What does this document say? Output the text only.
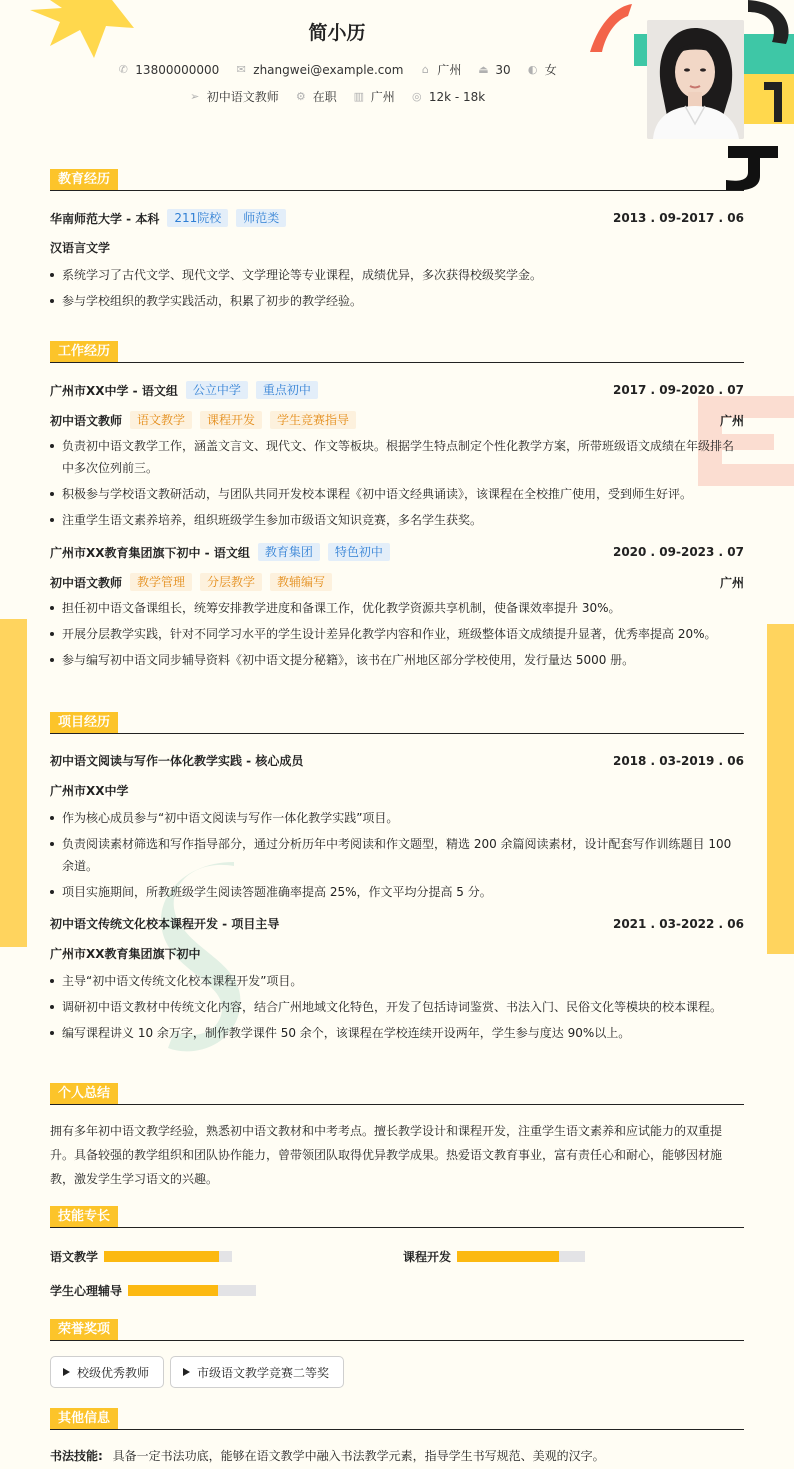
简小历
✆ 13800000000 ✉ zhangwei@example.com ⌂ 广州 ⏏ 30 ◐ 女
➢ 初中语文教师 ⚙ 在职 ▥ 广州 ◎ 12k - 18k
教育经历
华南师范大学 - 本科	211院校	师范类	2013 . 09-2017 . 06
汉语言文学
系统学习了古代文学、现代文学、文学理论等专业课程，成绩优异，多次获得校级奖学金。
参与学校组织的教学实践活动，积累了初步的教学经验。
工作经历
广州市XX中学 - 语文组	公立中学	重点初中	2017 . 09-2020 . 07
初中语文教师	语文教学	课程开发	学生竞赛指导	广州
负责初中语文教学工作，涵盖文言文、现代文、作文等板块。根据学生特点制定个性化教学方案，所带班级语文成绩在年级排名中多次位列前三。
积极参与学校语文教研活动，与团队共同开发校本课程《初中语文经典诵读》，该课程在全校推广使用，受到师生好评。
注重学生语文素养培养，组织班级学生参加市级语文知识竞赛，多名学生获奖。
广州市XX教育集团旗下初中 - 语文组	教育集团	特色初中	2020 . 09-2023 . 07
初中语文教师	教学管理	分层教学	教辅编写	广州
担任初中语文备课组长，统筹安排教学进度和备课工作，优化教学资源共享机制，使备课效率提升 30%。
开展分层教学实践，针对不同学习水平的学生设计差异化教学内容和作业，班级整体语文成绩提升显著，优秀率提高 20%。
参与编写初中语文同步辅导资料《初中语文提分秘籍》，该书在广州地区部分学校使用，发行量达 5000 册。
项目经历
初中语文阅读与写作一体化教学实践 - 核心成员	2018 . 03-2019 . 06
广州市XX中学
作为核心成员参与“初中语文阅读与写作一体化教学实践”项目。
负责阅读素材筛选和写作指导部分，通过分析历年中考阅读和作文题型，精选 200 余篇阅读素材，设计配套写作训练题目 100 余道。
项目实施期间，所教班级学生阅读答题准确率提高 25%，作文平均分提高 5 分。
初中语文传统文化校本课程开发 - 项目主导	2021 . 03-2022 . 06
广州市XX教育集团旗下初中
主导“初中语文传统文化校本课程开发”项目。
调研初中语文教材中传统文化内容，结合广州地域文化特色，开发了包括诗词鉴赏、书法入门、民俗文化等模块的校本课程。
编写课程讲义 10 余万字，制作教学课件 50 余个，该课程在学校连续开设两年，学生参与度达 90%以上。
个人总结
拥有多年初中语文教学经验，熟悉初中语文教材和中考考点。擅长教学设计和课程开发，注重学生语文素养和应试能力的双重提升。具备较强的教学组织和团队协作能力，曾带领团队取得优异教学成果。热爱语文教育事业，富有责任心和耐心，能够因材施教，激发学生学习语文的兴趣。
技能专长
语文教学	课程开发
学生心理辅导
荣誉奖项
校级优秀教师	市级语文教学竞赛二等奖
其他信息
书法技能: 具备一定书法功底，能够在语文教学中融入书法教学元素，指导学生书写规范、美观的汉字。
